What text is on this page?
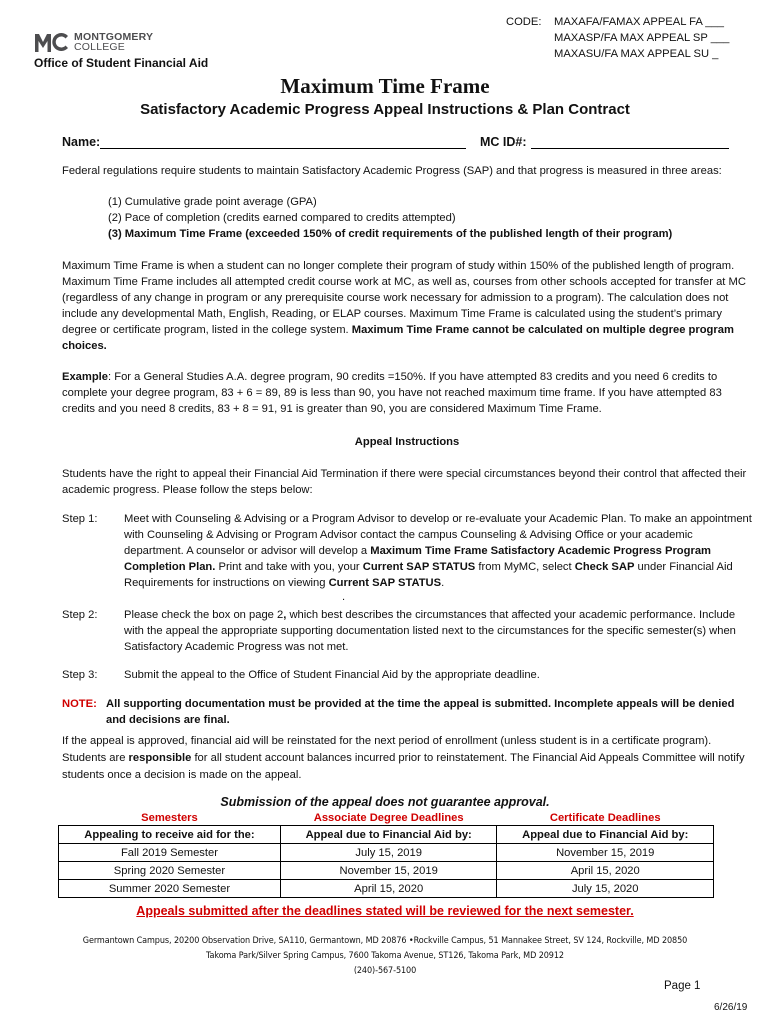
MONTGOMERY
COLLEGE
Office of Student Financial Aid
CODE:	MAXAFA/FAMAX APPEAL FA ___
MAXASP/FA MAX APPEAL SP ___
MAXASU/FA MAX APPEAL SU _
Maximum Time Frame
Satisfactory Academic Progress Appeal Instructions & Plan Contract
Name:	MC ID#:
Federal regulations require students to maintain Satisfactory Academic Progress (SAP) and that progress is measured in three areas:
(1) Cumulative grade point average (GPA)
(2) Pace of completion (credits earned compared to credits attempted)
(3) Maximum Time Frame (exceeded 150% of credit requirements of the published length of their program)
Maximum Time Frame is when a student can no longer complete their program of study within 150% of the published length of program. Maximum Time Frame includes all attempted credit course work at MC, as well as, courses from other schools accepted for transfer at MC (regardless of any change in program or any prerequisite course work necessary for admission to a program). The calculation does not include any developmental Math, English, Reading, or ELAP courses. Maximum Time Frame is calculated using the student’s primary degree or certificate program, listed in the college system. Maximum Time Frame cannot be calculated on multiple degree program choices.
Example: For a General Studies A.A. degree program, 90 credits =150%. If you have attempted 83 credits and you need 6 credits to complete your degree program, 83 + 6 = 89, 89 is less than 90, you have not reached maximum time frame. If you have attempted 83 credits and you need 8 credits, 83 + 8 = 91, 91 is greater than 90, you are considered Maximum Time Frame.
Appeal Instructions
Students have the right to appeal their Financial Aid Termination if there were special circumstances beyond their control that affected their academic progress. Please follow the steps below:
Step 1:	Meet with Counseling & Advising or a Program Advisor to develop or re-evaluate your Academic Plan. To make an appointment with Counseling & Advising or Program Advisor contact the campus Counseling & Advising Office or your academic department. A counselor or advisor will develop a Maximum Time Frame Satisfactory Academic Progress Program Completion Plan. Print and take with you, your Current SAP STATUS from MyMC, select Check SAP under Financial Aid Requirements for instructions on viewing Current SAP STATUS.
.
Step 2:	Please check the box on page 2, which best describes the circumstances that affected your academic performance. Include with the appeal the appropriate supporting documentation listed next to the circumstances for the specific semester(s) when Satisfactory Academic Progress was not met.
Step 3:	Submit the appeal to the Office of Student Financial Aid by the appropriate deadline.
NOTE: All supporting documentation must be provided at the time the appeal is submitted. Incomplete appeals will be denied and decisions are final.
If the appeal is approved, financial aid will be reinstated for the next period of enrollment (unless student is in a certificate program). Students are responsible for all student account balances incurred prior to reinstatement. The Financial Aid Appeals Committee will notify students once a decision is made on the appeal.
Submission of the appeal does not guarantee approval.
Semesters	Associate Degree Deadlines	Certificate Deadlines
Appealing to receive aid for the:	Appeal due to Financial Aid by:	Appeal due to Financial Aid by:
Fall 2019 Semester	July 15, 2019	November 15, 2019
Spring 2020 Semester	November 15, 2019	April 15, 2020
Summer 2020 Semester	April 15, 2020	July 15, 2020
Appeals submitted after the deadlines stated will be reviewed for the next semester.
Germantown Campus, 20200 Observation Drive, SA110, Germantown, MD 20876 •Rockville Campus, 51 Mannakee Street, SV 124, Rockville, MD 20850
Takoma Park/Silver Spring Campus, 7600 Takoma Avenue, ST126, Takoma Park, MD 20912
(240)-567-5100
Page 1
6/26/19
